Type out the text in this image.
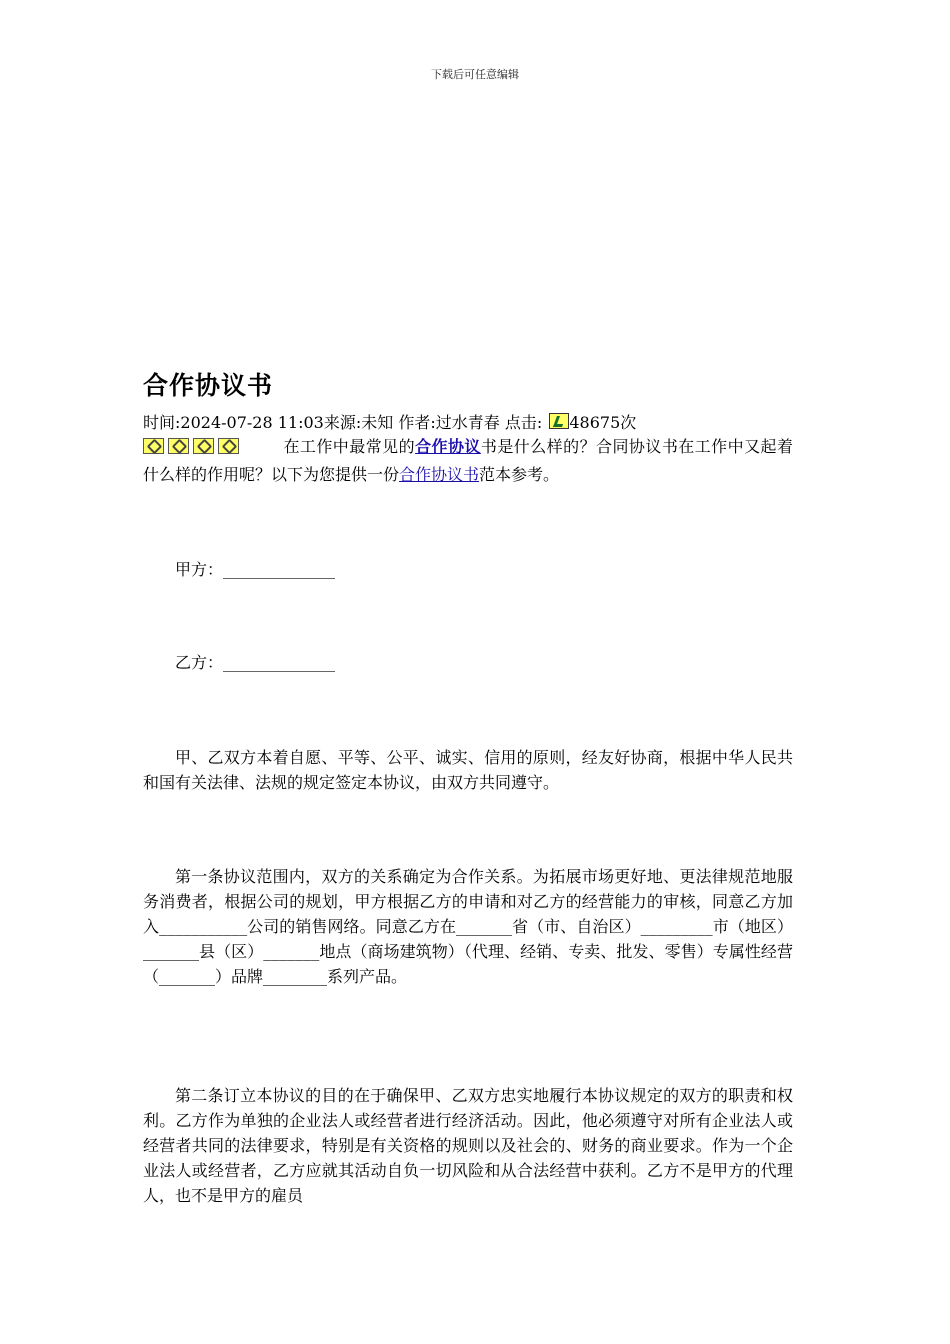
下载后可任意编辑
合作协议书
时间:2024-07-28 11:03来源:未知 作者:过水青春 点击: 48675次
在工作中最常见的合作协议书是什么样的？合同协议书在工作中又起着什么样的作用呢？以下为您提供一份合作协议书范本参考。

甲方：______________

乙方：______________

甲、乙双方本着自愿、平等、公平、诚实、信用的原则，经友好协商，根据中华人民共和国有关法律、法规的规定签定本协议，由双方共同遵守。

第一条协议范围内，双方的关系确定为合作关系。为拓展市场更好地、更法律规范地服务消费者，根据公司的规划，甲方根据乙方的申请和对乙方的经营能力的审核，同意乙方加入___________公司的销售网络。同意乙方在_______省（市、自治区）_________市（地区）_______县（区）_______地点（商场建筑物）（代理、经销、专卖、批发、零售）专属性经营（_______）品牌________系列产品。

第二条订立本协议的目的在于确保甲、乙双方忠实地履行本协议规定的双方的职责和权利。乙方作为单独的企业法人或经营者进行经济活动。因此，他必须遵守对所有企业法人或经营者共同的法律要求，特别是有关资格的规则以及社会的、财务的商业要求。作为一个企业法人或经营者，乙方应就其活动自负一切风险和从合法经营中获利。乙方不是甲方的代理人，也不是甲方的雇员
